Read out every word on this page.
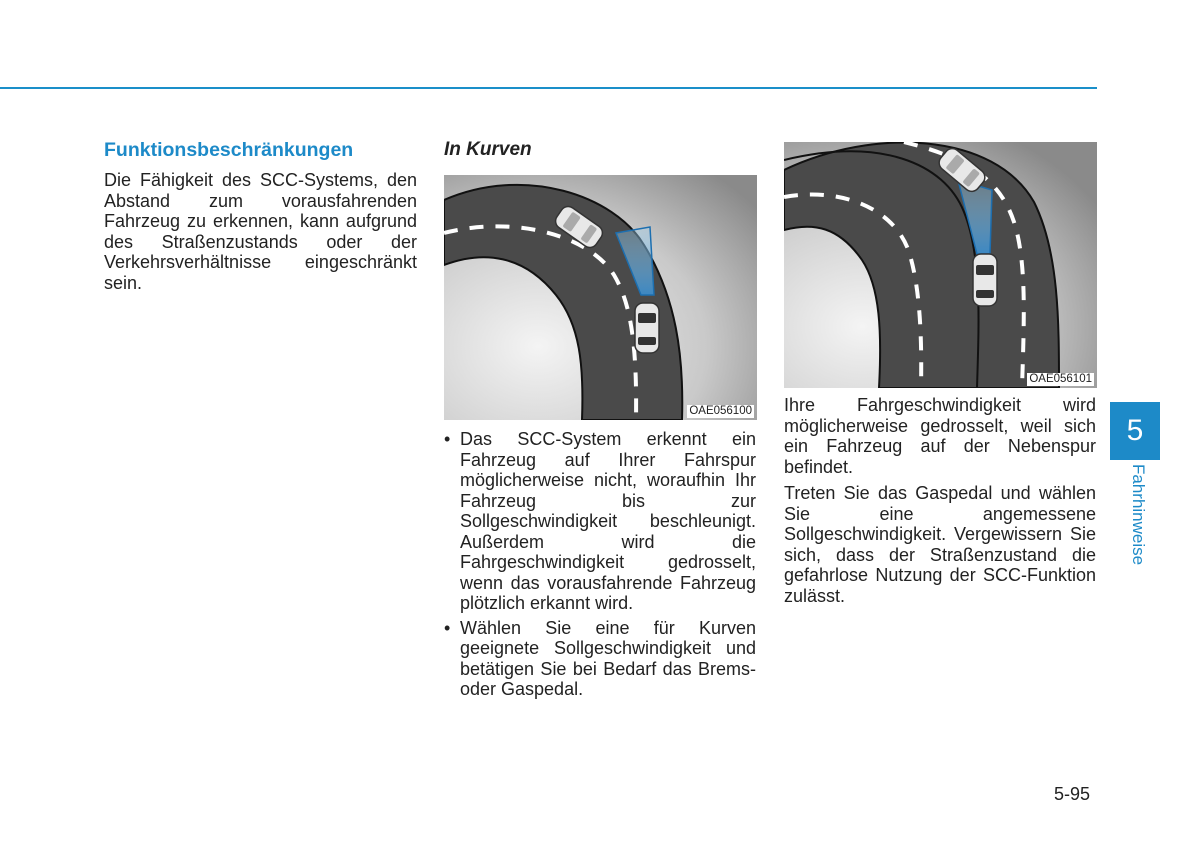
Funktionsbeschränkungen

Die Fähigkeit des SCC-Systems, den Abstand zum vorausfahrenden Fahrzeug zu erkennen, kann aufgrund des Straßenzustands oder der Verkehrsverhältnisse eingeschränkt sein.

In Kurven
OAE056100
• Das SCC-System erkennt ein Fahrzeug auf Ihrer Fahrspur möglicherweise nicht, woraufhin Ihr Fahrzeug bis zur Sollgeschwindigkeit beschleunigt. Außerdem wird die Fahrgeschwindigkeit gedrosselt, wenn das vorausfahrende Fahrzeug plötzlich erkannt wird.
• Wählen Sie eine für Kurven geeignete Sollgeschwindigkeit und betätigen Sie bei Bedarf das Brems- oder Gaspedal.
OAE056101

Ihre Fahrgeschwindigkeit wird möglicherweise gedrosselt, weil sich ein Fahrzeug auf der Nebenspur befindet.

Treten Sie das Gaspedal und wählen Sie eine angemessene Sollgeschwindigkeit. Vergewissern Sie sich, dass der Straßenzustand die gefahrlose Nutzung der SCC-Funktion zulässt.

5
Fahrhinweise
5-95
